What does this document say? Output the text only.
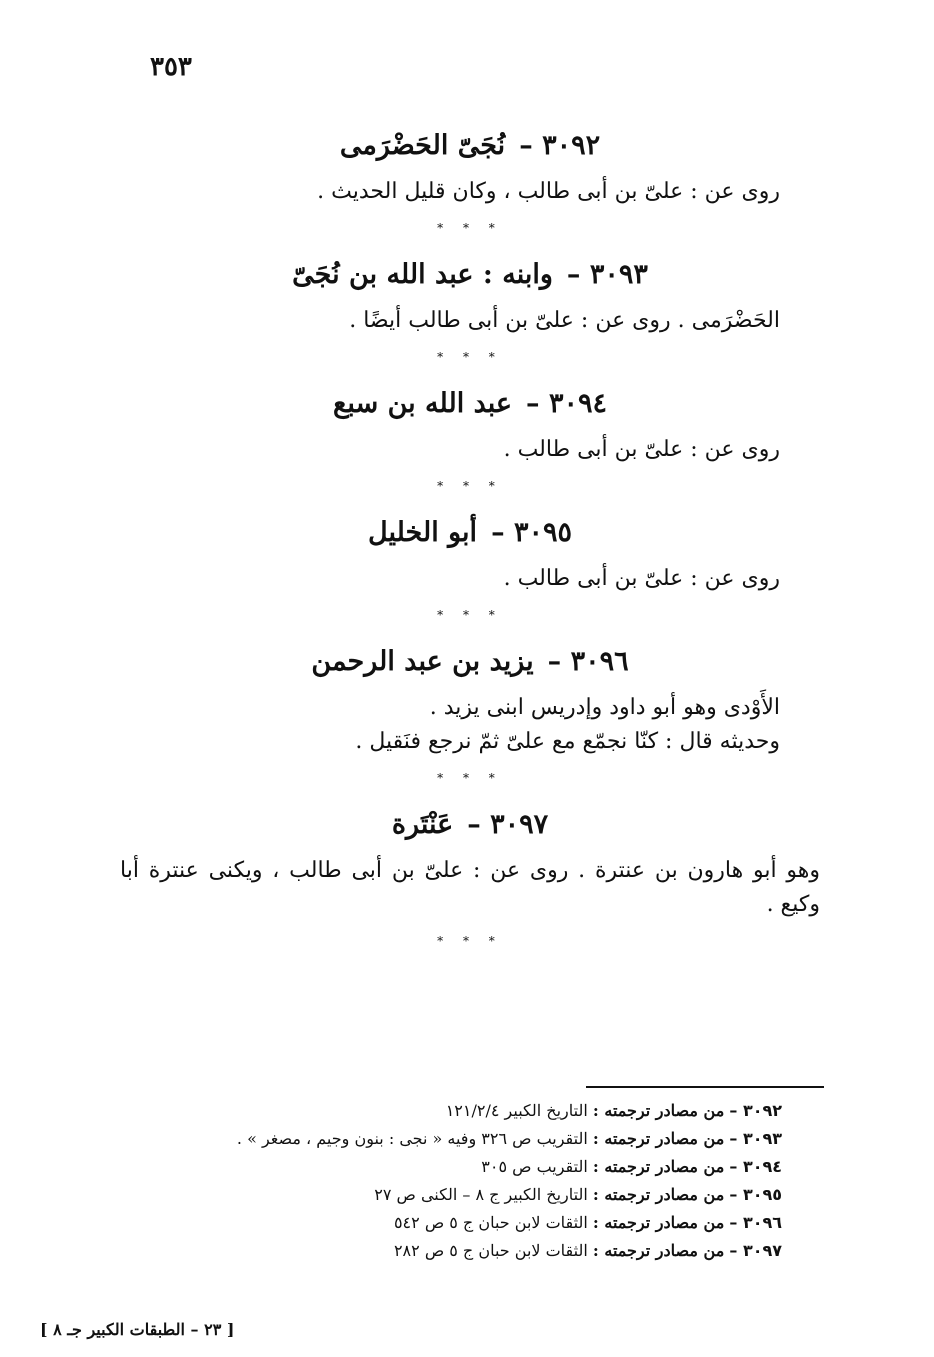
٣٥٣
٣٠٩٢ –نُجَىّ الحَضْرَمى

روى عن : علىّ بن أبى طالب ، وكان قليل الحديث .

* * *
٣٠٩٣ –وابنه : عبد الله بن نُجَىّ

الحَضْرَمى . روى عن : علىّ بن أبى طالب أيضًا .

* * *
٣٠٩٤ –عبد الله بن سبع

روى عن : علىّ بن أبى طالب .

* * *
٣٠٩٥ –أبو الخليل

روى عن : علىّ بن أبى طالب .

* * *
٣٠٩٦ –يزيد بن عبد الرحمن

الأَوْدى وهو أبو داود وإدريس ابنى يزيد .

وحديثه قال : كنّا نجمّع مع علىّ ثمّ نرجع فنَقيل .

* * *
٣٠٩٧ –عَنْتَرة

وهو أبو هارون بن عنترة . روى عن : علىّ بن أبى طالب ، ويكنى عنترة أبا وكيع .

* * *
٣٠٩٢ – من مصادر ترجمته : التاريخ الكبير ١٢١/٢/٤
٣٠٩٣ – من مصادر ترجمته : التقريب ص ٣٢٦ وفيه « نجى : بنون وجيم ، مصغر » .
٣٠٩٤ – من مصادر ترجمته : التقريب ص ٣٠٥
٣٠٩٥ – من مصادر ترجمته : التاريخ الكبير ج ٨ – الكنى ص ٢٧
٣٠٩٦ – من مصادر ترجمته : الثقات لابن حبان ج ٥ ص ٥٤٢
٣٠٩٧ – من مصادر ترجمته : الثقات لابن حبان ج ٥ ص ٢٨٢
[ ٢٣ – الطبقات الكبير جـ ٨ ]
